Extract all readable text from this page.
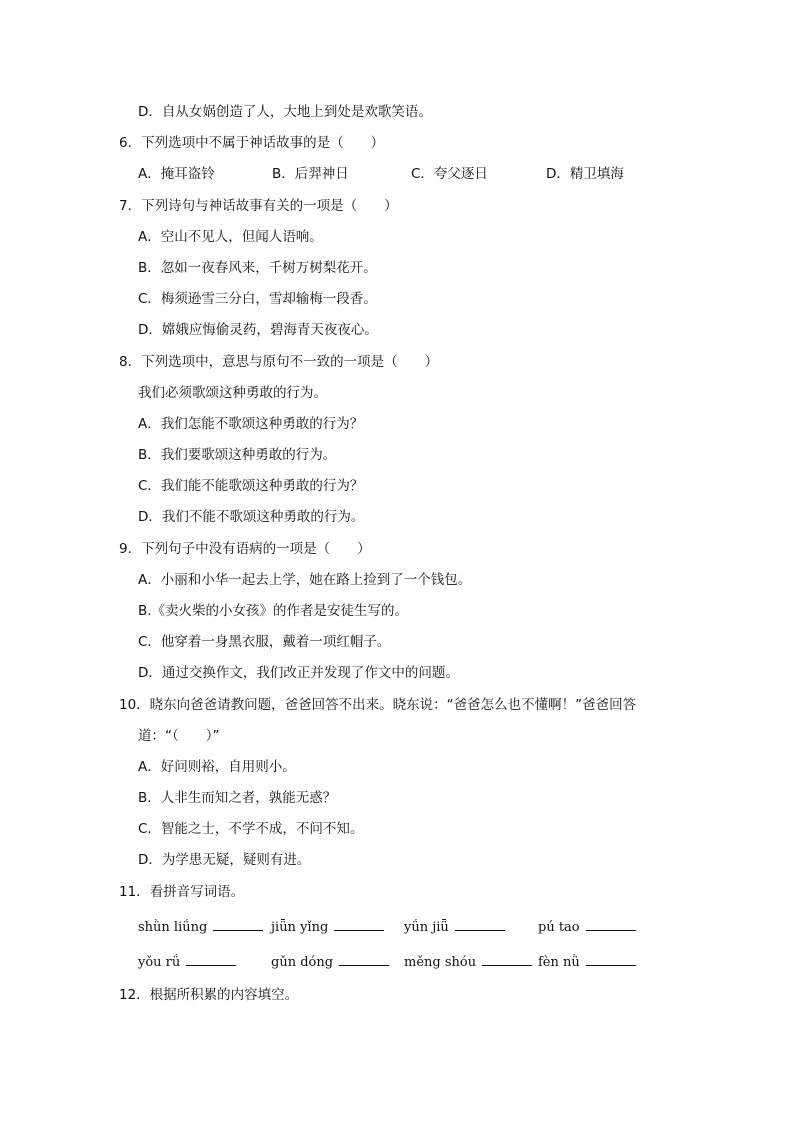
D．自从女娲创造了人，大地上到处是欢歌笑语。
6．下列选项中不属于神话故事的是（　　）
A．掩耳盗铃	B．后羿神日	C．夸父逐日	D．精卫填海
7．下列诗句与神话故事有关的一项是（　　）
A．空山不见人，但闻人语响。
B．忽如一夜春风来，千树万树梨花开。
C．梅须逊雪三分白，雪却输梅一段香。
D．嫦娥应悔偷灵药，碧海青天夜夜心。
8．下列选项中，意思与原句不一致的一项是（　　）
我们必须歌颂这种勇敢的行为。
A．我们怎能不歌颂这种勇敢的行为？
B．我们要歌颂这种勇敢的行为。
C．我们能不能歌颂这种勇敢的行为？
D．我们不能不歌颂这种勇敢的行为。
9．下列句子中没有语病的一项是（　　）
A．小丽和小华一起去上学，她在路上捡到了一个钱包。
B.《卖火柴的小女孩》的作者是安徒生写的。
C．他穿着一身黑衣服，戴着一项红帽子。
D．通过交换作文，我们改正并发现了作文中的问题。
10．晓东向爸爸请教问题，爸爸回答不出来。晓东说：“爸爸怎么也不懂啊！”爸爸回答
道：“（　　）”
A．好问则裕，自用则小。
B．人非生而知之者，孰能无惑？
C．智能之士，不学不成，不问不知。
D．为学患无疑，疑则有进。
11．看拼音写词语。
shǜn liǘng	jiǖn yǐng	yǘn jiǖ	pú tao
yǒu rǘ	gǔn dóng	měng shóu	fèn nǜ
12．根据所积累的内容填空。
